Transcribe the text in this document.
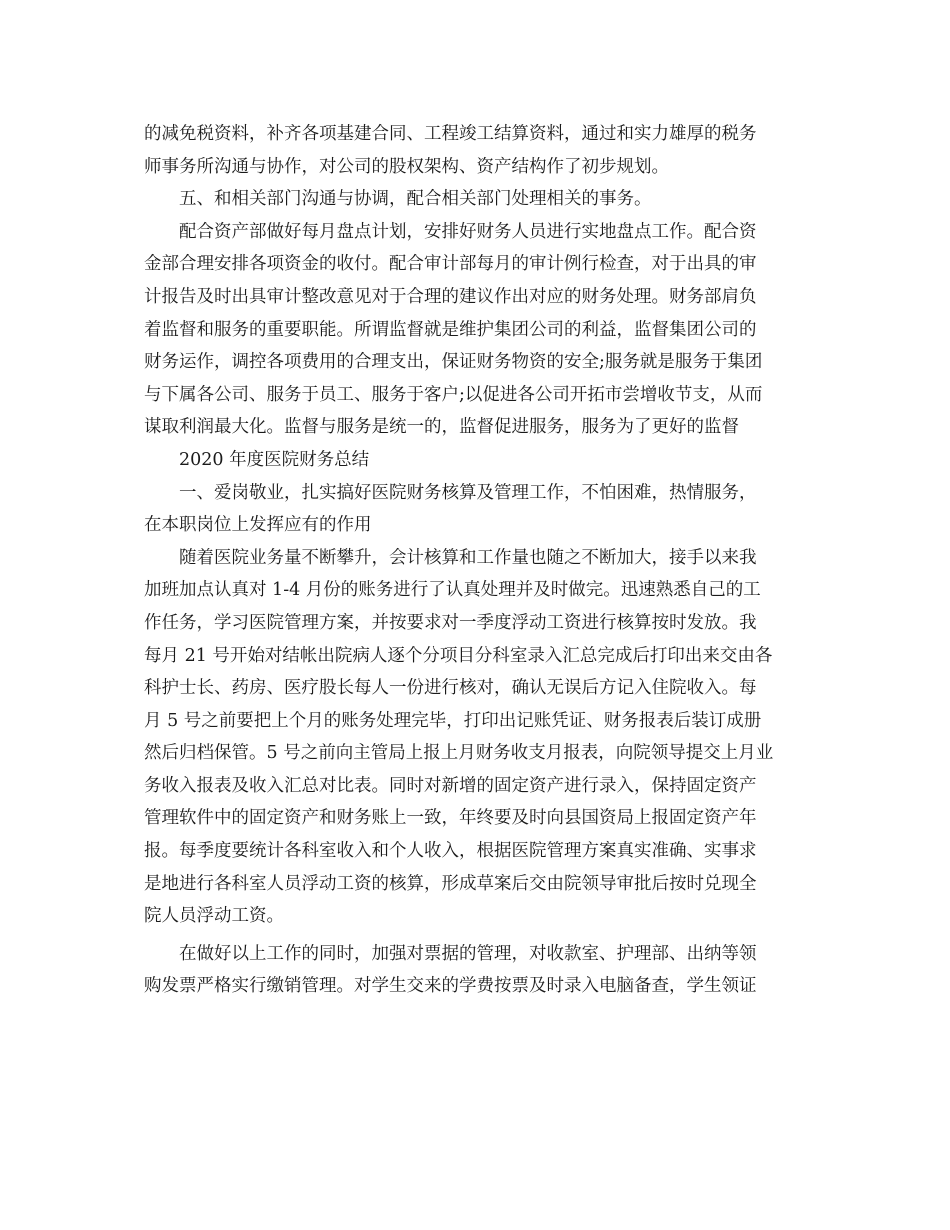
的减免税资料，补齐各项基建合同、工程竣工结算资料，通过和实力雄厚的税务
师事务所沟通与协作，对公司的股权架构、资产结构作了初步规划。
五、和相关部门沟通与协调，配合相关部门处理相关的事务。
配合资产部做好每月盘点计划，安排好财务人员进行实地盘点工作。配合资
金部合理安排各项资金的收付。配合审计部每月的审计例行检查，对于出具的审
计报告及时出具审计整改意见对于合理的建议作出对应的财务处理。财务部肩负
着监督和服务的重要职能。所谓监督就是维护集团公司的利益，监督集团公司的
财务运作，调控各项费用的合理支出，保证财务物资的安全;服务就是服务于集团
与下属各公司、服务于员工、服务于客户;以促进各公司开拓市尝增收节支，从而
谋取利润最大化。监督与服务是统一的，监督促进服务，服务为了更好的监督
2020 年度医院财务总结
一、爱岗敬业，扎实搞好医院财务核算及管理工作，不怕困难，热情服务，
在本职岗位上发挥应有的作用
随着医院业务量不断攀升，会计核算和工作量也随之不断加大，接手以来我
加班加点认真对 1-4 月份的账务进行了认真处理并及时做完。迅速熟悉自己的工
作任务，学习医院管理方案，并按要求对一季度浮动工资进行核算按时发放。我
每月 21 号开始对结帐出院病人逐个分项目分科室录入汇总完成后打印出来交由各
科护士长、药房、医疗股长每人一份进行核对，确认无误后方记入住院收入。每
月 5 号之前要把上个月的账务处理完毕，打印出记账凭证、财务报表后装订成册
然后归档保管。5 号之前向主管局上报上月财务收支月报表，向院领导提交上月业
务收入报表及收入汇总对比表。同时对新增的固定资产进行录入，保持固定资产
管理软件中的固定资产和财务账上一致，年终要及时向县国资局上报固定资产年
报。每季度要统计各科室收入和个人收入，根据医院管理方案真实准确、实事求
是地进行各科室人员浮动工资的核算，形成草案后交由院领导审批后按时兑现全
院人员浮动工资。
在做好以上工作的同时，加强对票据的管理，对收款室、护理部、出纳等领
购发票严格实行缴销管理。对学生交来的学费按票及时录入电脑备查，学生领证
